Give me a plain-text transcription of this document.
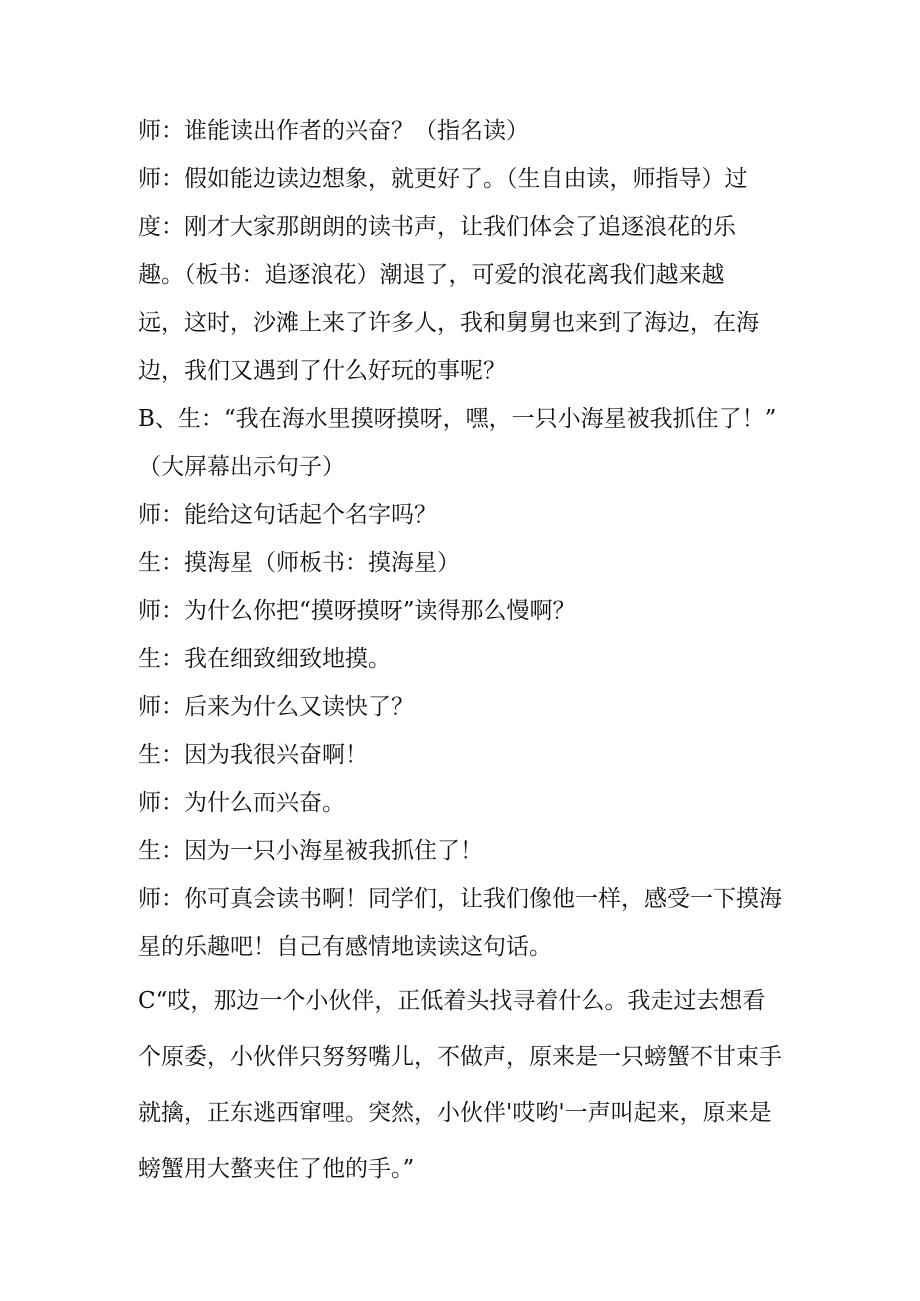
师：谁能读出作者的兴奋？（指名读）
师：假如能边读边想象，就更好了。（生自由读，师指导）过
度：刚才大家那朗朗的读书声，让我们体会了追逐浪花的乐
趣。（板书：追逐浪花）潮退了，可爱的浪花离我们越来越
远，这时，沙滩上来了许多人，我和舅舅也来到了海边，在海
边，我们又遇到了什么好玩的事呢？
B、生：“我在海水里摸呀摸呀，嘿，一只小海星被我抓住了！”
（大屏幕出示句子）
师：能给这句话起个名字吗？
生：摸海星（师板书：摸海星）
师：为什么你把“摸呀摸呀”读得那么慢啊？
生：我在细致细致地摸。
师：后来为什么又读快了？
生：因为我很兴奋啊！
师：为什么而兴奋。
生：因为一只小海星被我抓住了！
师：你可真会读书啊！同学们，让我们像他一样，感受一下摸海
星的乐趣吧！自己有感情地读读这句话。
C“哎，那边一个小伙伴，正低着头找寻着什么。我走过去想看
个原委，小伙伴只努努嘴儿，不做声，原来是一只螃蟹不甘束手
就擒，正东逃西窜哩。突然，小伙伴'哎哟'一声叫起来，原来是
螃蟹用大螯夹住了他的手。”
